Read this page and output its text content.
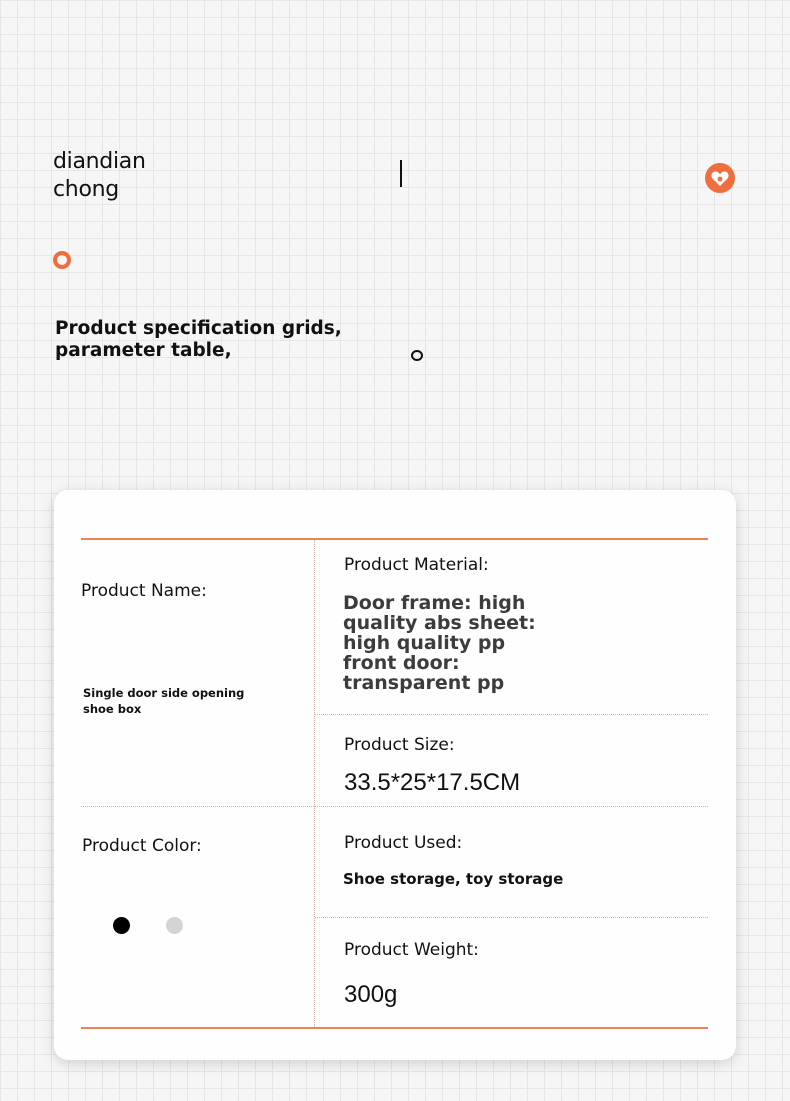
diandian
chong
Product specification grids,
parameter table,
Product Name:
Single door side opening
shoe box
Product Color:
Product Material:
Door frame: high
quality abs sheet:
high quality pp
front door:
transparent pp
Product Size:
33.5*25*17.5CM
Product Used:
Shoe storage, toy storage
Product Weight:
300g
